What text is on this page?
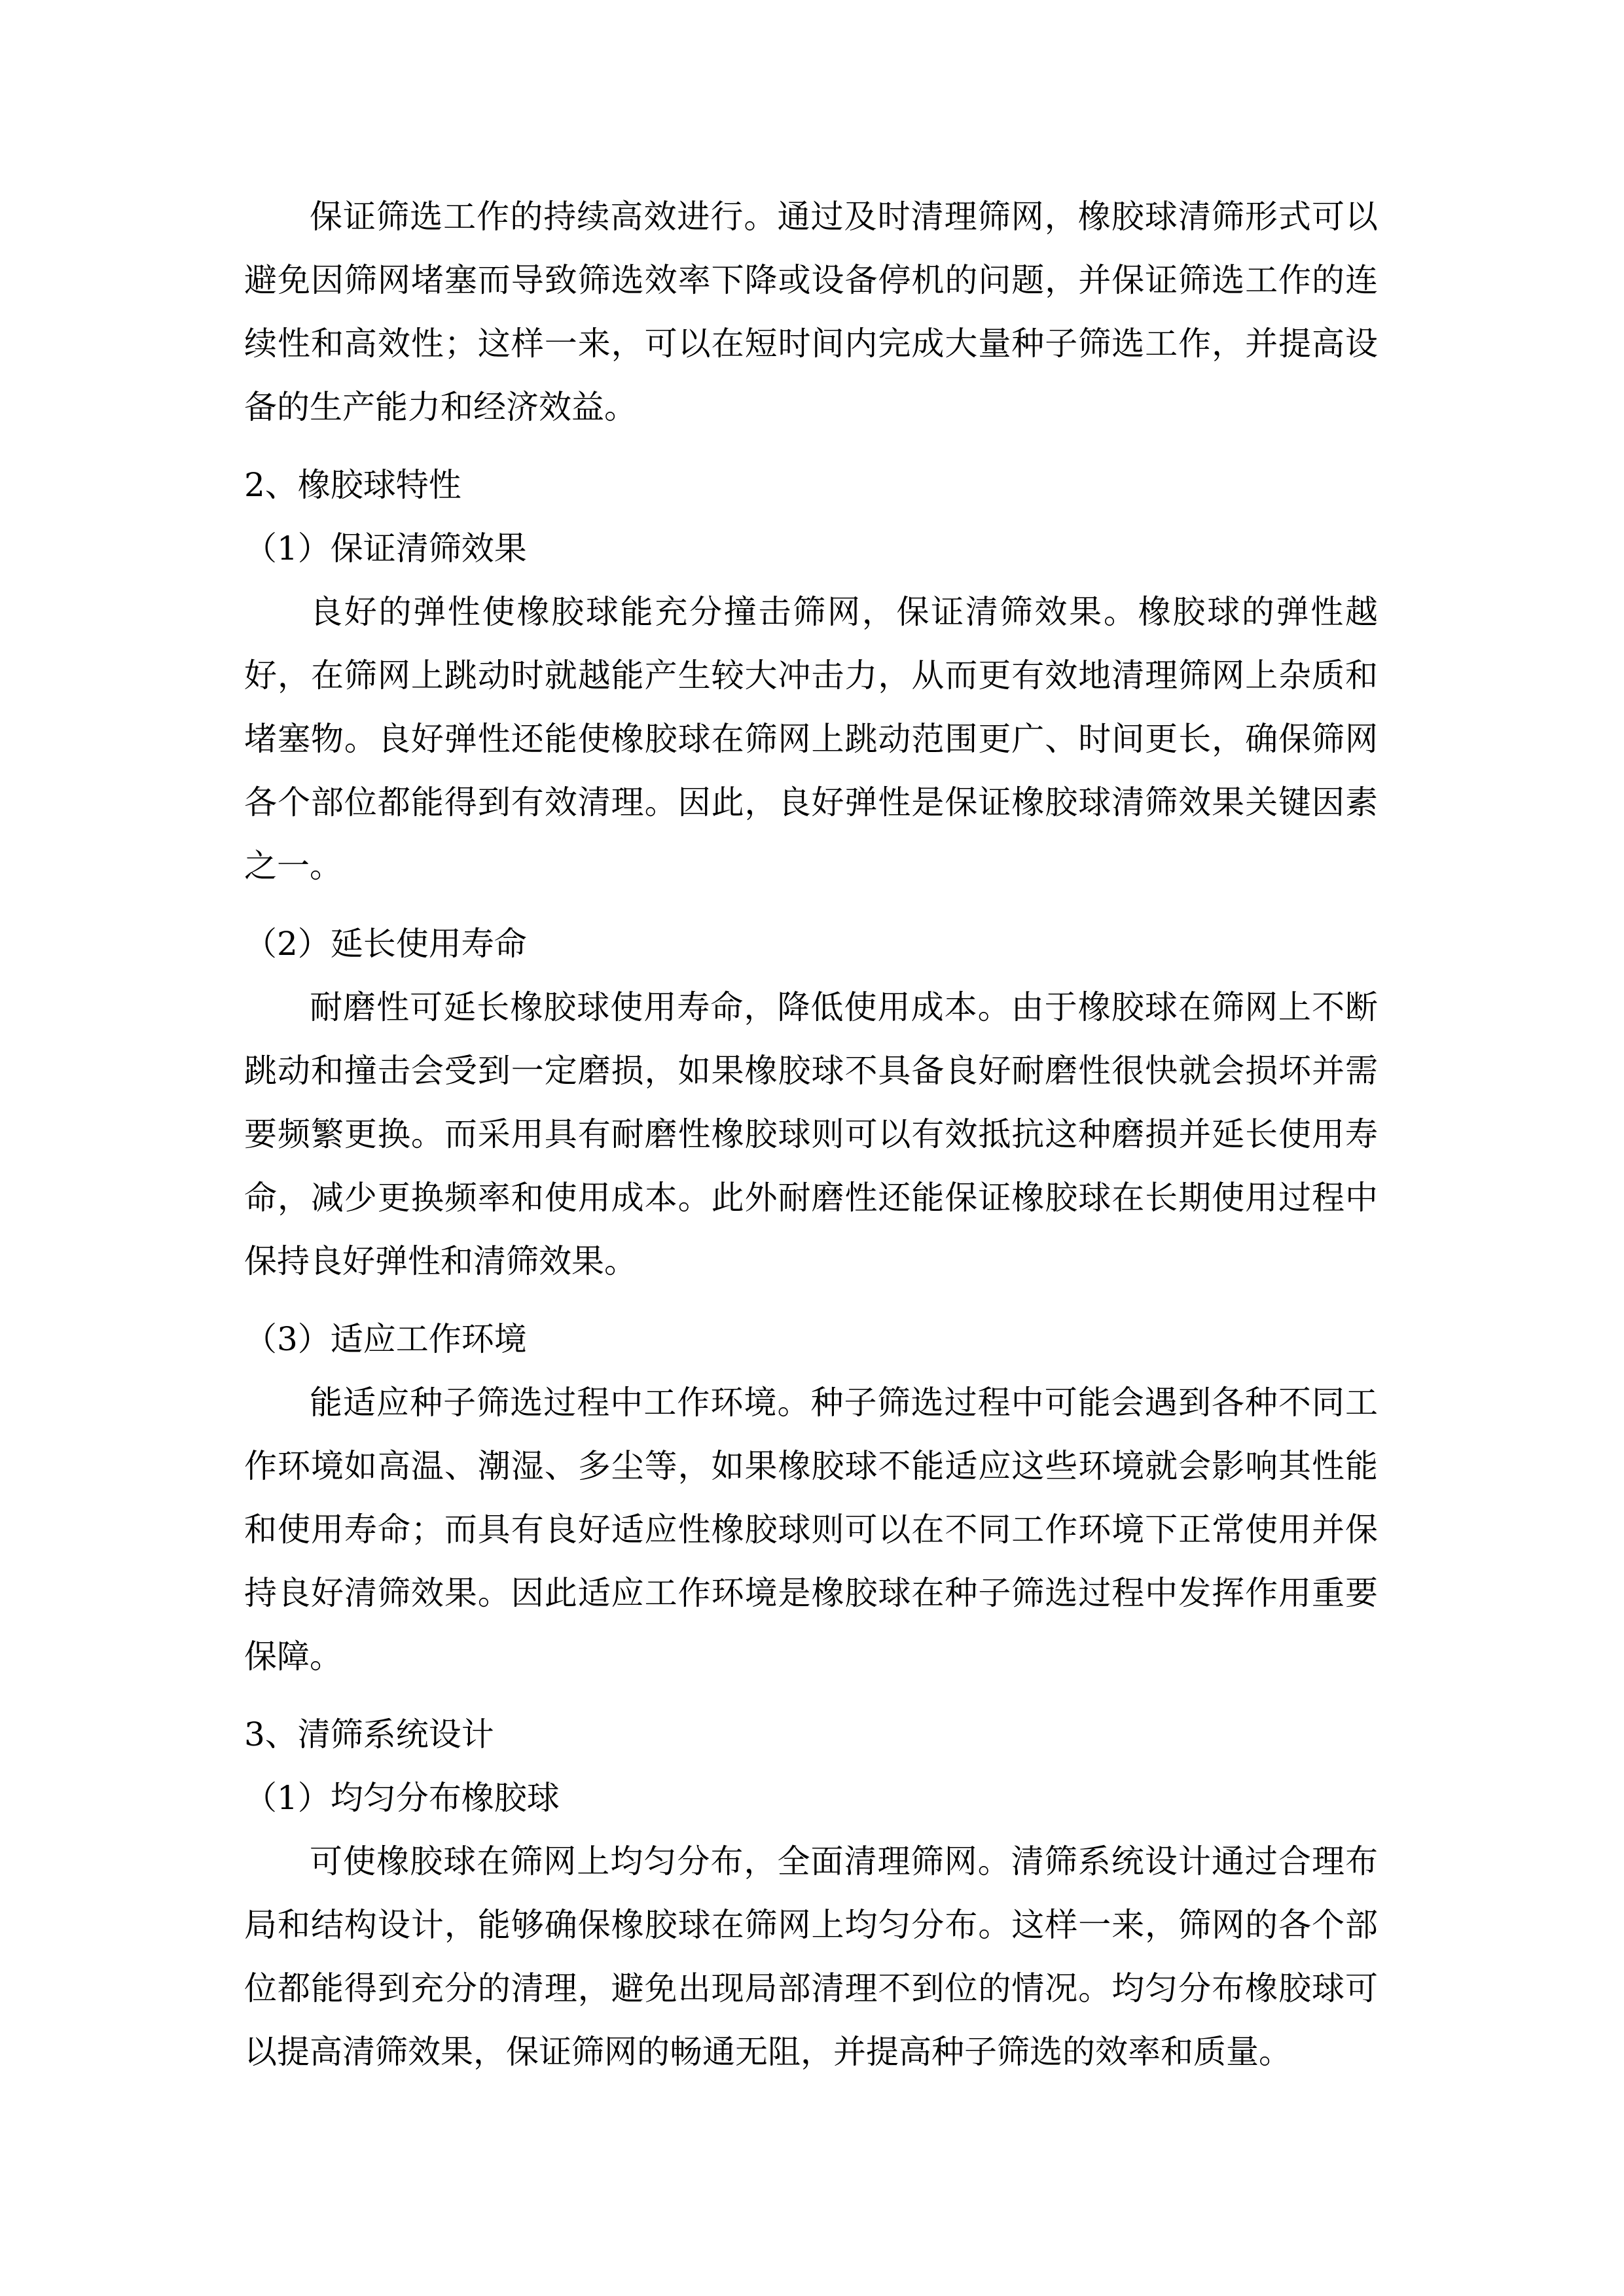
保证筛选工作的持续高效进行。通过及时清理筛网，橡胶球清筛形式可以避免因筛网堵塞而导致筛选效率下降或设备停机的问题，并保证筛选工作的连续性和高效性；这样一来，可以在短时间内完成大量种子筛选工作，并提高设备的生产能力和经济效益。

2、橡胶球特性

（1）保证清筛效果

良好的弹性使橡胶球能充分撞击筛网，保证清筛效果。橡胶球的弹性越好，在筛网上跳动时就越能产生较大冲击力，从而更有效地清理筛网上杂质和堵塞物。良好弹性还能使橡胶球在筛网上跳动范围更广、时间更长，确保筛网各个部位都能得到有效清理。因此，良好弹性是保证橡胶球清筛效果关键因素之一。

（2）延长使用寿命

耐磨性可延长橡胶球使用寿命，降低使用成本。由于橡胶球在筛网上不断跳动和撞击会受到一定磨损，如果橡胶球不具备良好耐磨性很快就会损坏并需要频繁更换。而采用具有耐磨性橡胶球则可以有效抵抗这种磨损并延长使用寿命，减少更换频率和使用成本。此外耐磨性还能保证橡胶球在长期使用过程中保持良好弹性和清筛效果。

（3）适应工作环境

能适应种子筛选过程中工作环境。种子筛选过程中可能会遇到各种不同工作环境如高温、潮湿、多尘等，如果橡胶球不能适应这些环境就会影响其性能和使用寿命；而具有良好适应性橡胶球则可以在不同工作环境下正常使用并保持良好清筛效果。因此适应工作环境是橡胶球在种子筛选过程中发挥作用重要保障。

3、清筛系统设计

（1）均匀分布橡胶球

可使橡胶球在筛网上均匀分布，全面清理筛网。清筛系统设计通过合理布局和结构设计，能够确保橡胶球在筛网上均匀分布。这样一来，筛网的各个部位都能得到充分的清理，避免出现局部清理不到位的情况。均匀分布橡胶球可以提高清筛效果，保证筛网的畅通无阻，并提高种子筛选的效率和质量。
